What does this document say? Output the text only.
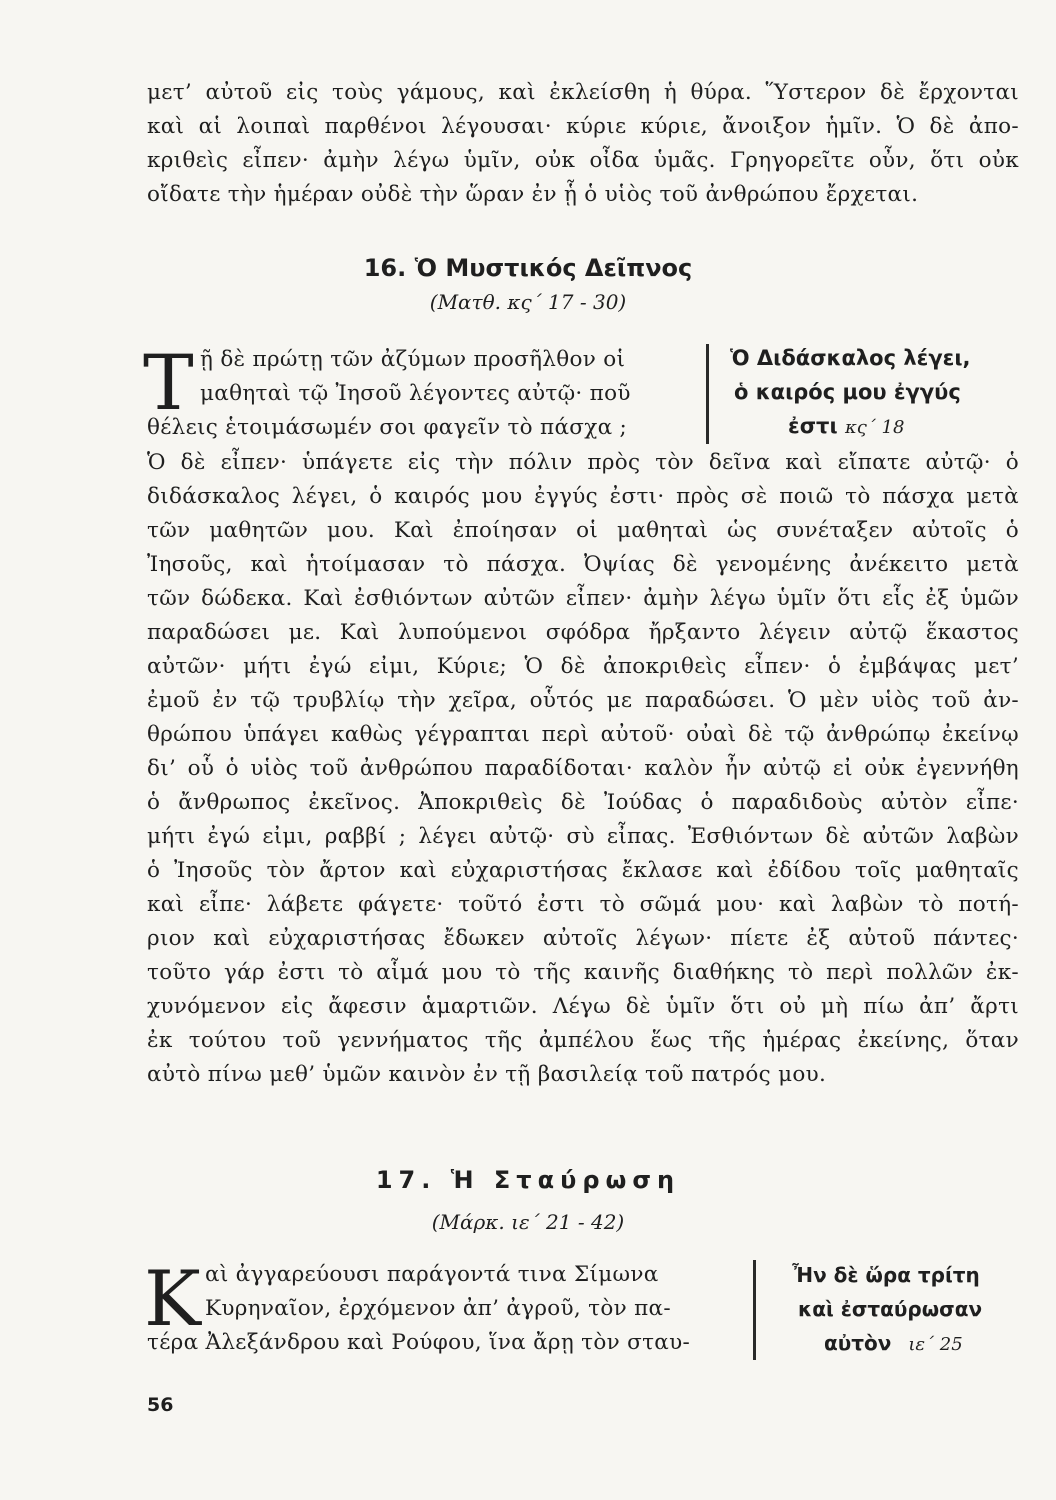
μετ’ αὐτοῦ εἰς τοὺς γάμους, καὶ ἐκλείσθη ἡ θύρα. Ὕστερον δὲ ἔρχονται
καὶ αἱ λοιπαὶ παρθένοι λέγουσαι· κύριε κύριε, ἄνοιξον ἡμῖν. Ὁ δὲ ἀπο-
κριθεὶς εἶπεν· ἀμὴν λέγω ὑμῖν, οὐκ οἶδα ὑμᾶς. Γρηγορεῖτε οὖν, ὅτι οὐκ
οἴδατε τὴν ἡμέραν οὐδὲ τὴν ὥραν ἐν ᾗ ὁ υἱὸς τοῦ ἀνθρώπου ἔρχεται.
16. Ὁ Μυστικός Δεῖπνος
(Ματθ. κς΄ 17 - 30)
Τ ῇ δὲ πρώτῃ τῶν ἀζύμων προσῆλθον οἱ
μαθηταὶ τῷ Ἰησοῦ λέγοντες αὐτῷ· ποῦ
θέλεις ἑτοιμάσωμέν σοι φαγεῖν τὸ πάσχα ;
Ὁ Διδάσκαλος λέγει,
ὁ καιρός μου ἐγγύς
ἐστι κς΄ 18
Ὁ δὲ εἶπεν· ὑπάγετε εἰς τὴν πόλιν πρὸς τὸν δεῖνα καὶ εἴπατε αὐτῷ· ὁ
διδάσκαλος λέγει, ὁ καιρός μου ἐγγύς ἐστι· πρὸς σὲ ποιῶ τὸ πάσχα μετὰ
τῶν μαθητῶν μου. Καὶ ἐποίησαν οἱ μαθηταὶ ὡς συνέταξεν αὐτοῖς ὁ
Ἰησοῦς, καὶ ἡτοίμασαν τὸ πάσχα. Ὀψίας δὲ γενομένης ἀνέκειτο μετὰ
τῶν δώδεκα. Καὶ ἐσθιόντων αὐτῶν εἶπεν· ἀμὴν λέγω ὑμῖν ὅτι εἷς ἐξ ὑμῶν
παραδώσει με. Καὶ λυπούμενοι σφόδρα ἤρξαντο λέγειν αὐτῷ ἕκαστος
αὐτῶν· μήτι ἐγώ εἰμι, Κύριε; Ὁ δὲ ἀποκριθεὶς εἶπεν· ὁ ἐμβάψας μετ’
ἐμοῦ ἐν τῷ τρυβλίῳ τὴν χεῖρα, οὗτός με παραδώσει. Ὁ μὲν υἱὸς τοῦ ἀν-
θρώπου ὑπάγει καθὼς γέγραπται περὶ αὐτοῦ· οὐαὶ δὲ τῷ ἀνθρώπῳ ἐκείνῳ
δι’ οὗ ὁ υἱὸς τοῦ ἀνθρώπου παραδίδοται· καλὸν ἦν αὐτῷ εἰ οὐκ ἐγεννήθη
ὁ ἄνθρωπος ἐκεῖνος. Ἀποκριθεὶς δὲ Ἰούδας ὁ παραδιδοὺς αὐτὸν εἶπε·
μήτι ἐγώ εἰμι, ραββί ; λέγει αὐτῷ· σὺ εἶπας. Ἐσθιόντων δὲ αὐτῶν λαβὼν
ὁ Ἰησοῦς τὸν ἄρτον καὶ εὐχαριστήσας ἔκλασε καὶ ἐδίδου τοῖς μαθηταῖς
καὶ εἶπε· λάβετε φάγετε· τοῦτό ἐστι τὸ σῶμά μου· καὶ λαβὼν τὸ ποτή-
ριον καὶ εὐχαριστήσας ἔδωκεν αὐτοῖς λέγων· πίετε ἐξ αὐτοῦ πάντες·
τοῦτο γάρ ἐστι τὸ αἷμά μου τὸ τῆς καινῆς διαθήκης τὸ περὶ πολλῶν ἐκ-
χυνόμενον εἰς ἄφεσιν ἁμαρτιῶν. Λέγω δὲ ὑμῖν ὅτι οὐ μὴ πίω ἀπ’ ἄρτι
ἐκ τούτου τοῦ γεννήματος τῆς ἀμπέλου ἕως τῆς ἡμέρας ἐκείνης, ὅταν
αὐτὸ πίνω μεθ’ ὑμῶν καινὸν ἐν τῇ βασιλείᾳ τοῦ πατρός μου.
17. Ἡ Σταύρωση
(Μάρκ. ιε΄ 21 - 42)
Κ αὶ ἀγγαρεύουσι παράγοντά τινα Σίμωνα
Κυρηναῖον, ἐρχόμενον ἀπ’ ἀγροῦ, τὸν πα-
τέρα Ἀλεξάνδρου καὶ Ρούφου, ἵνα ἄρῃ τὸν σταυ-
Ἦν δὲ ὥρα τρίτη
καὶ ἐσταύρωσαν
αὐτὸν ιε΄ 25
56
